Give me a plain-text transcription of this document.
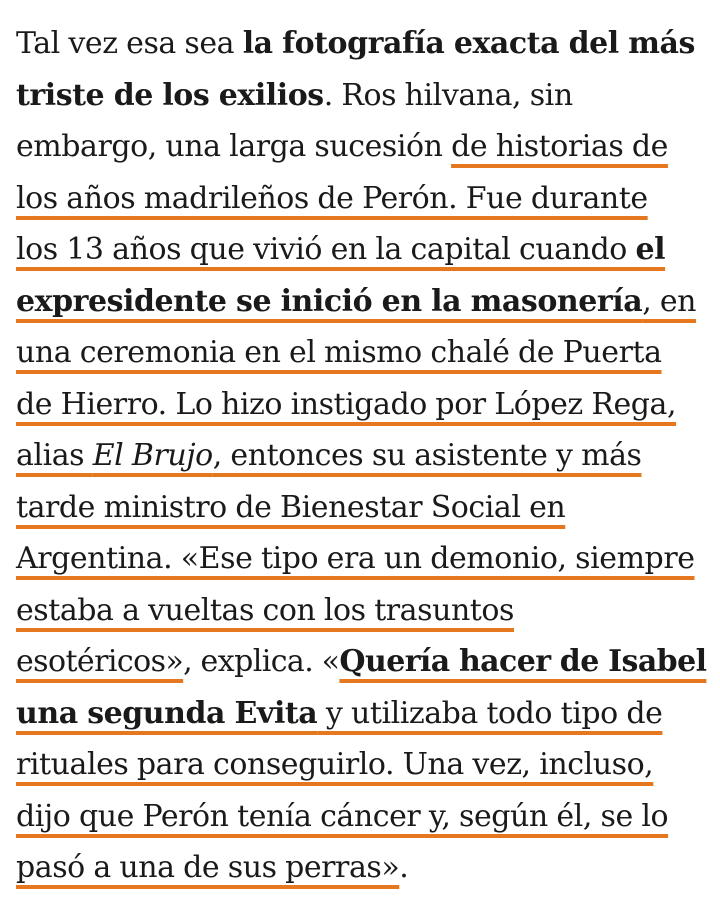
Tal vez esa sea la fotografía exacta del más
triste de los exilios. Ros hilvana, sin
embargo, una larga sucesión de historias de
los años madrileños de Perón. Fue durante
los 13 años que vivió en la capital cuando el
expresidente se inició en la masonería, en
una ceremonia en el mismo chalé de Puerta
de Hierro. Lo hizo instigado por López Rega,
alias El Brujo, entonces su asistente y más
tarde ministro de Bienestar Social en
Argentina. «Ese tipo era un demonio, siempre
estaba a vueltas con los trasuntos
esotéricos», explica. «Quería hacer de Isabel
una segunda Evita y utilizaba todo tipo de
rituales para conseguirlo. Una vez, incluso,
dijo que Perón tenía cáncer y, según él, se lo
pasó a una de sus perras».
